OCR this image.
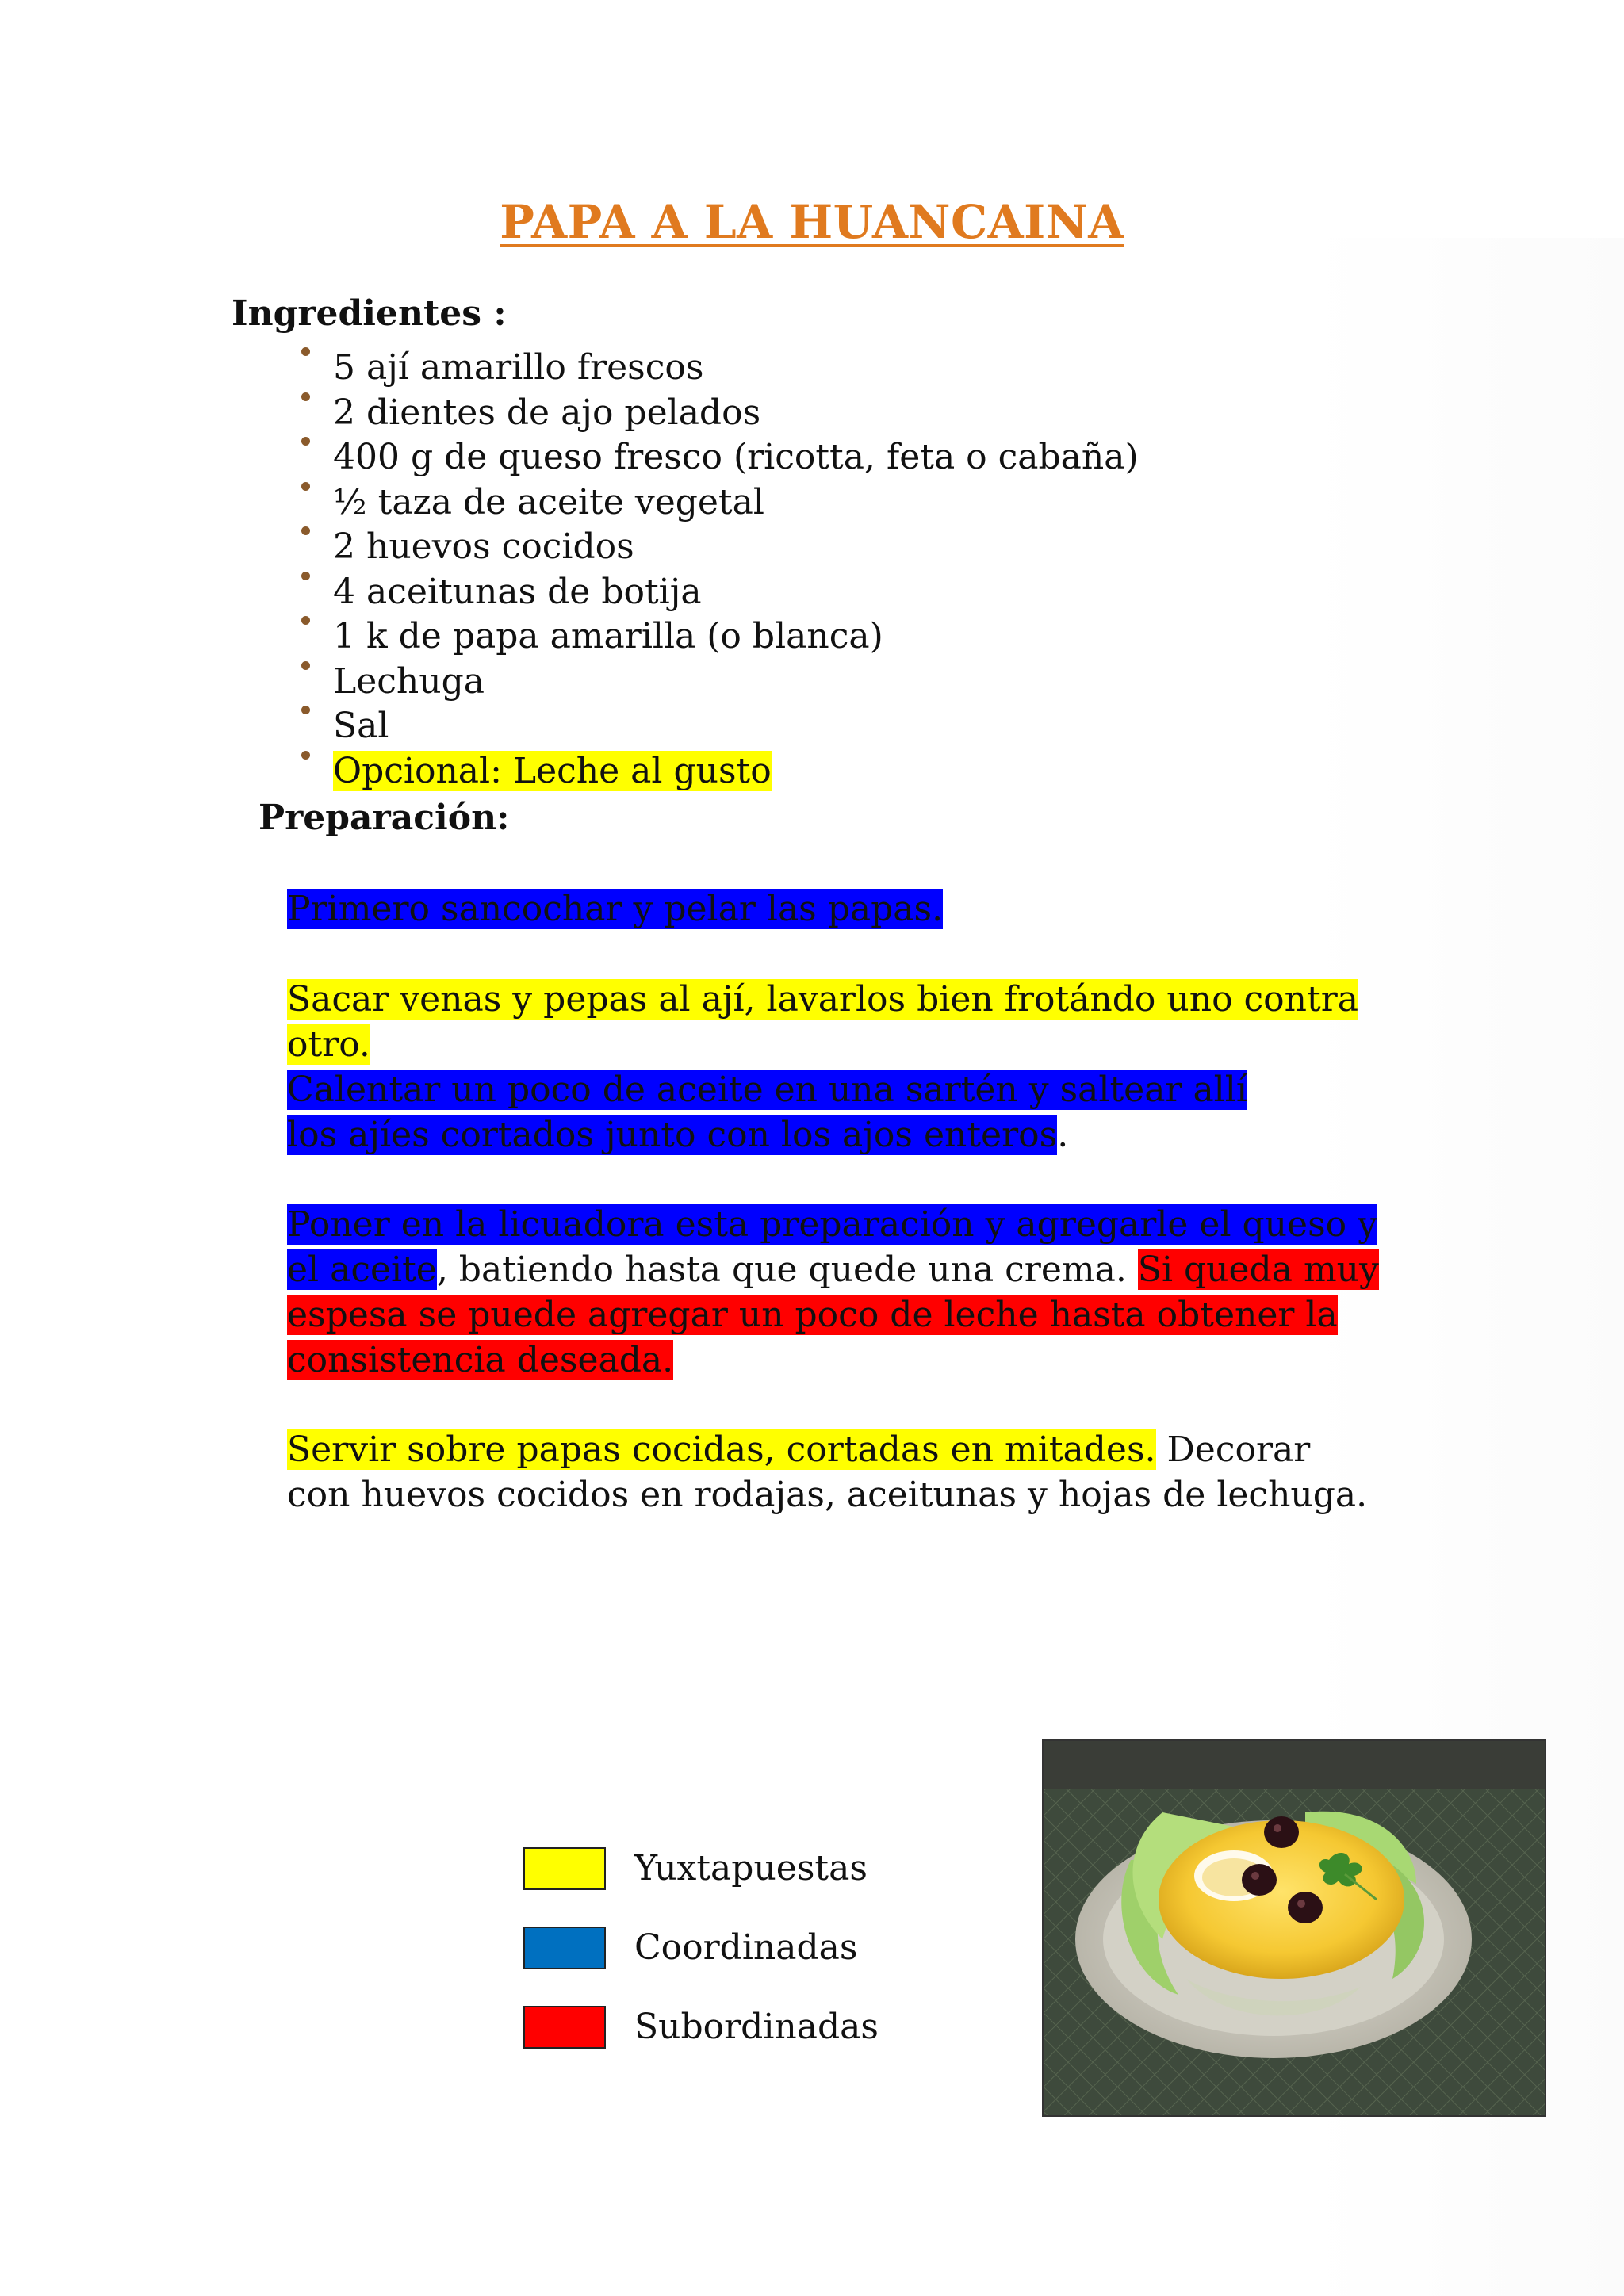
PAPA A LA HUANCAINA
Ingredientes :
5 ají amarillo frescos
2 dientes de ajo pelados
400 g de queso fresco (ricotta, feta o cabaña)
½ taza de aceite vegetal
2 huevos cocidos
4 aceitunas de botija
1 k de papa amarilla (o blanca)
Lechuga
Sal
Opcional: Leche al gusto
Preparación:

Primero sancochar y pelar las papas.

Sacar venas y pepas al ají, lavarlos bien frotándo uno contra otro.

Calentar un poco de aceite en una sartén y saltear allí los ajíes cortados junto con los ajos enteros.

Poner en la licuadora esta preparación y agregarle el queso y el aceite, batiendo hasta que quede una crema. Si queda muy espesa se puede agregar un poco de leche hasta obtener la consistencia deseada.

Servir sobre papas cocidas, cortadas en mitades. Decorar con huevos cocidos en rodajas, aceitunas y hojas de lechuga.

Yuxtapuestas
Coordinadas
Subordinadas
